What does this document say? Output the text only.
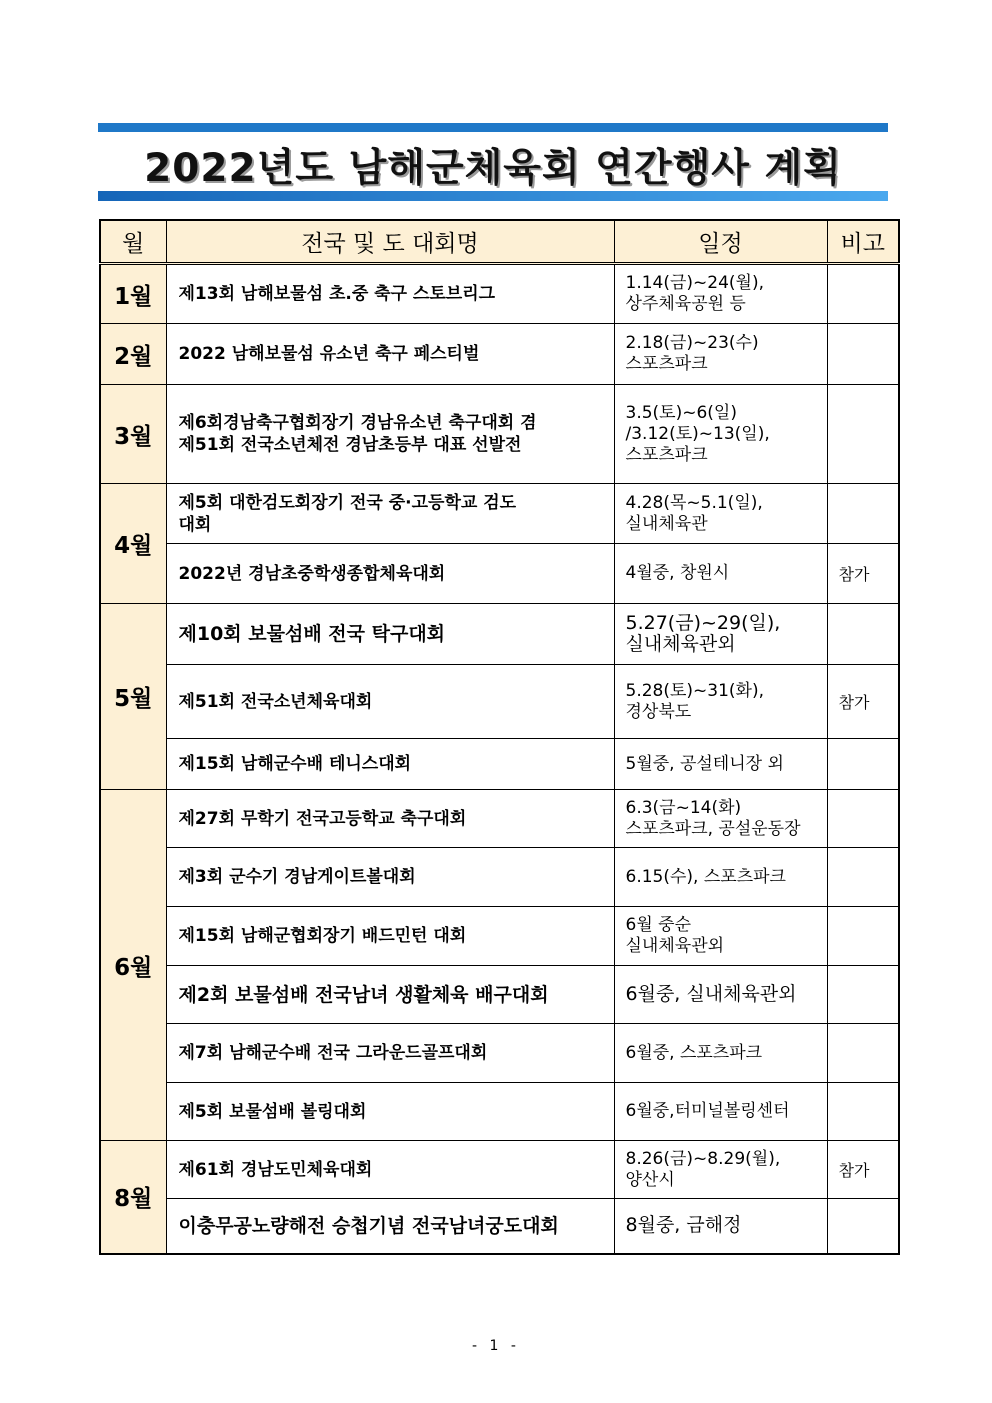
2022년도 남해군체육회 연간행사 계획
월	전국 및 도 대회명	일정	비고
1월	제13회 남해보물섬 초.중 축구 스토브리그	1.14(금)~24(월),
상주체육공원 등	

2월	2022 남해보물섬 유소년 축구 페스티벌	2.18(금)~23(수)
스포츠파크	

3월	제6회경남축구협회장기 경남유소년 축구대회 겸
제51회 전국소년체전 경남초등부 대표 선발전	3.5(토)~6(일)
/3.12(토)~13(일),
스포츠파크	

4월	제5회 대한검도회장기 전국 중·고등학교 검도
대회	4.28(목~5.1(일),
실내체육관	

	2022년 경남초중학생종합체육대회	4월중, 창원시	참가
5월	제10회 보물섬배 전국 탁구대회	5.27(금)~29(일),
실내체육관외	

	제51회 전국소년체육대회	5.28(토)~31(화),
경상북도	참가
	제15회 남해군수배 테니스대회	5월중, 공설테니장 외	
6월	제27회 무학기 전국고등학교 축구대회	6.3(금~14(화)
스포츠파크, 공설운동장	

	제3회 군수기 경남게이트볼대회	6.15(수), 스포츠파크	
	제15회 남해군협회장기 배드민턴 대회	6월 중순
실내체육관외	

	제2회 보물섬배 전국남녀 생활체육 배구대회	6월중, 실내체육관외	
	제7회 남해군수배 전국 그라운드골프대회	6월중, 스포츠파크	
	제5회 보물섬배 볼링대회	6월중,터미널볼링센터	
8월	제61회 경남도민체육대회	8.26(금)~8.29(월),
양산시	참가
	이충무공노량해전 승첩기념 전국남녀궁도대회	8월중, 금해정	
- 1 -
